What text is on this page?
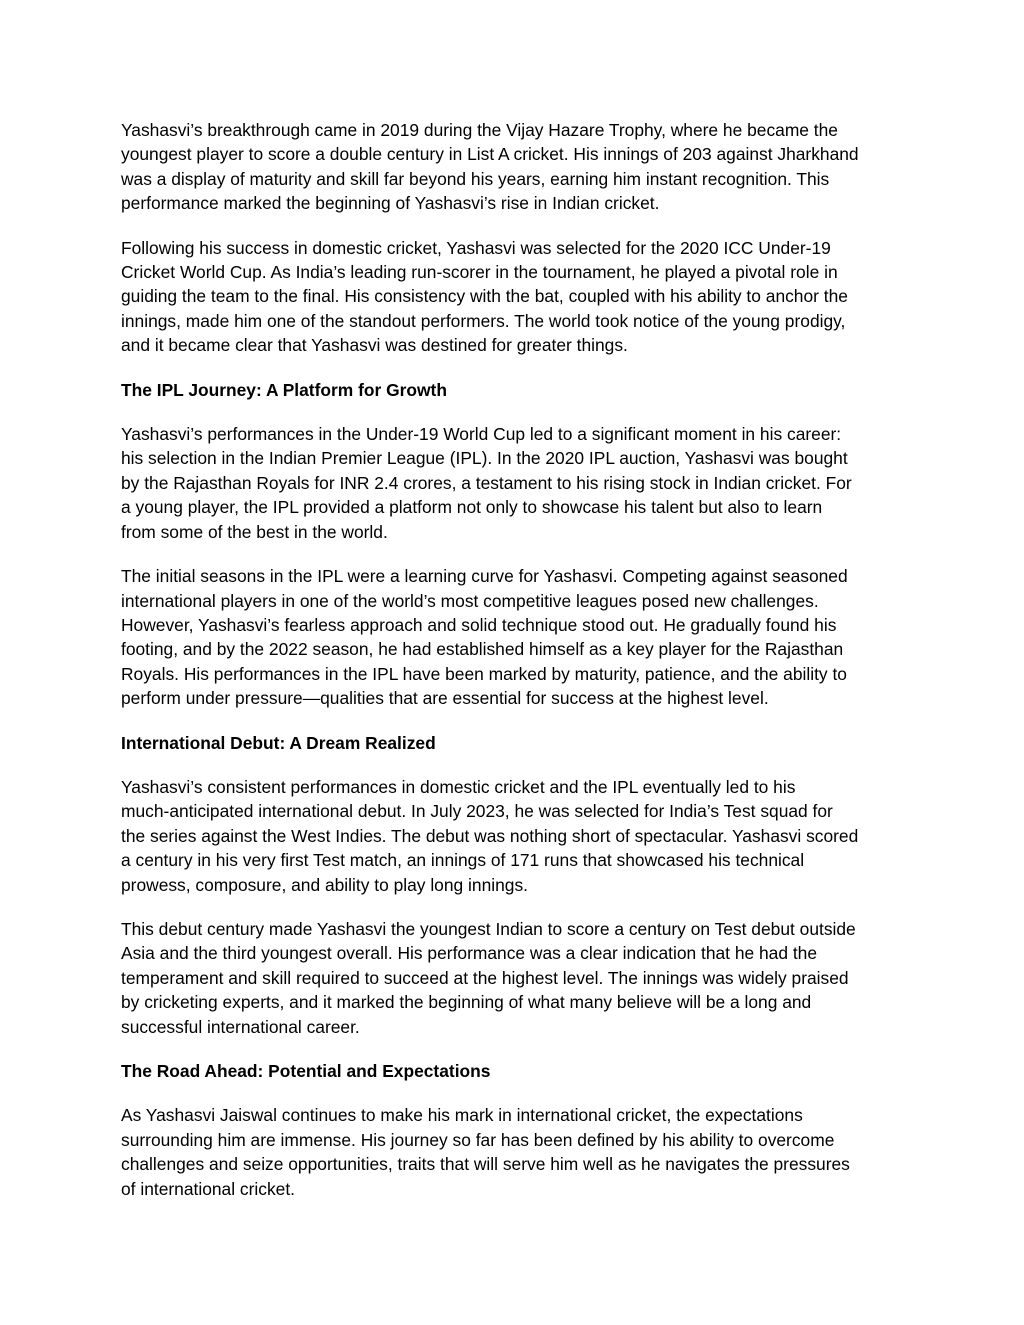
Yashasvi’s breakthrough came in 2019 during the Vijay Hazare Trophy, where he became the
youngest player to score a double century in List A cricket. His innings of 203 against Jharkhand
was a display of maturity and skill far beyond his years, earning him instant recognition. This
performance marked the beginning of Yashasvi’s rise in Indian cricket.

Following his success in domestic cricket, Yashasvi was selected for the 2020 ICC Under-19
Cricket World Cup. As India’s leading run-scorer in the tournament, he played a pivotal role in
guiding the team to the final. His consistency with the bat, coupled with his ability to anchor the
innings, made him one of the standout performers. The world took notice of the young prodigy,
and it became clear that Yashasvi was destined for greater things.

The IPL Journey: A Platform for Growth

Yashasvi’s performances in the Under-19 World Cup led to a significant moment in his career:
his selection in the Indian Premier League (IPL). In the 2020 IPL auction, Yashasvi was bought
by the Rajasthan Royals for INR 2.4 crores, a testament to his rising stock in Indian cricket. For
a young player, the IPL provided a platform not only to showcase his talent but also to learn
from some of the best in the world.

The initial seasons in the IPL were a learning curve for Yashasvi. Competing against seasoned
international players in one of the world’s most competitive leagues posed new challenges.
However, Yashasvi’s fearless approach and solid technique stood out. He gradually found his
footing, and by the 2022 season, he had established himself as a key player for the Rajasthan
Royals. His performances in the IPL have been marked by maturity, patience, and the ability to
perform under pressure—qualities that are essential for success at the highest level.

International Debut: A Dream Realized

Yashasvi’s consistent performances in domestic cricket and the IPL eventually led to his
much-anticipated international debut. In July 2023, he was selected for India’s Test squad for
the series against the West Indies. The debut was nothing short of spectacular. Yashasvi scored
a century in his very first Test match, an innings of 171 runs that showcased his technical
prowess, composure, and ability to play long innings.

This debut century made Yashasvi the youngest Indian to score a century on Test debut outside
Asia and the third youngest overall. His performance was a clear indication that he had the
temperament and skill required to succeed at the highest level. The innings was widely praised
by cricketing experts, and it marked the beginning of what many believe will be a long and
successful international career.

The Road Ahead: Potential and Expectations

As Yashasvi Jaiswal continues to make his mark in international cricket, the expectations
surrounding him are immense. His journey so far has been defined by his ability to overcome
challenges and seize opportunities, traits that will serve him well as he navigates the pressures
of international cricket.
